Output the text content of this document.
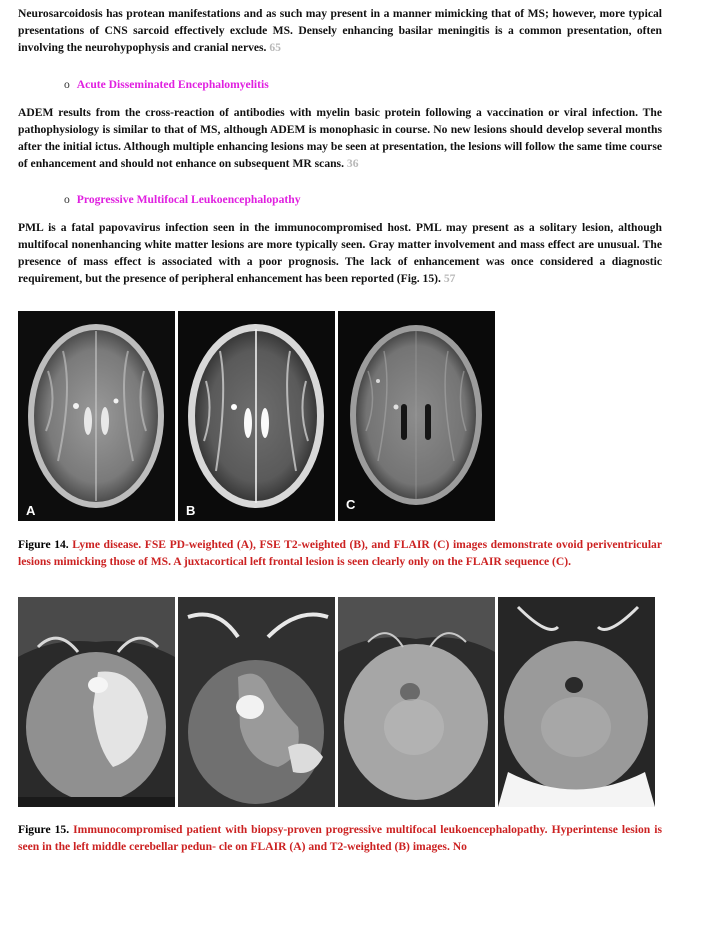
Neurosarcoidosis has protean manifestations and as such may present in a manner mimicking that of MS; however, more typical presentations of CNS sarcoid effectively exclude MS. Densely enhancing basilar meningitis is a common presentation, often involving the neurohypophysis and cranial nerves. 65

o Acute Disseminated Encephalomyelitis

ADEM results from the cross-reaction of antibodies with myelin basic protein following a vaccination or viral infection. The pathophysiology is similar to that of MS, although ADEM is monophasic in course. No new lesions should develop several months after the initial ictus. Although multiple enhancing lesions may be seen at presentation, the lesions will follow the same time course of enhancement and should not enhance on subsequent MR scans. 36

o Progressive Multifocal Leukoencephalopathy

PML is a fatal papovavirus infection seen in the immunocompromised host. PML may present as a solitary lesion, although multifocal nonenhancing white matter lesions are more typically seen. Gray matter involvement and mass effect are unusual. The presence of mass effect is associated with a poor prognosis. The lack of enhancement was once considered a diagnostic requirement, but the presence of peripheral enhancement has been reported (Fig. 15). 57

A	B	C

Figure 14. Lyme disease. FSE PD-weighted (A), FSE T2-weighted (B), and FLAIR (C) images demonstrate ovoid periventricular lesions mimicking those of MS. A juxtacortical left frontal lesion is seen clearly only on the FLAIR sequence (C).

Figure 15. Immunocompromised patient with biopsy-proven progressive multifocal leukoencephalopathy. Hyperintense lesion is seen in the left middle cerebellar pedun- cle on FLAIR (A) and T2-weighted (B) images. No
